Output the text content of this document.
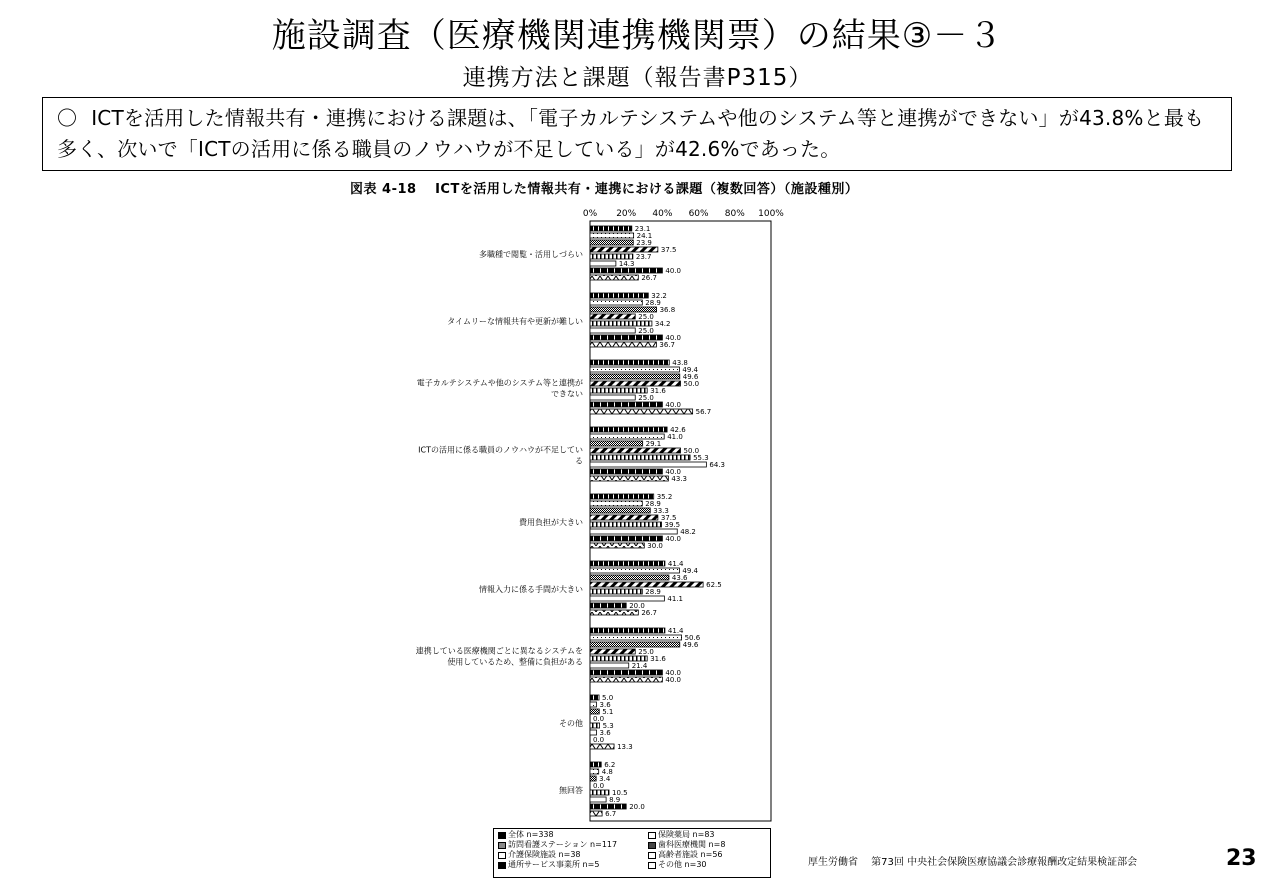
施設調査（医療機関連携機関票）の結果③－３
連携方法と課題（報告書P315）
〇 ICTを活用した情報共有・連携における課題は、「電子カルテシステムや他のシステム等と連携ができない」が43.8%と最も多く、次いで「ICTの活用に係る職員のノウハウが不足している」が42.6%であった。
図表 4-18　 ICTを活用した情報共有・連携における課題（複数回答）（施設種別）
0% 20% 40% 60% 80% 100%
23.1
24.1
23.9
37.5
23.7
14.3
40.0
26.7
32.2
28.9
36.8
25.0
34.2
25.0
40.0
36.7
43.8
49.4
49.6
50.0
31.6
25.0
40.0
56.7
42.6
41.0
29.1
50.0
55.3
64.3
40.0
43.3
35.2
28.9
33.3
37.5
39.5
48.2
40.0
30.0
41.4
49.4
43.6
62.5
28.9
41.1
20.0
26.7
41.4
50.6
49.6
25.0
31.6
21.4
40.0
40.0
5.0
3.6
5.1
0.0
5.3
3.6
0.0
13.3
6.2
4.8
3.4
0.0
10.5
8.9
20.0
6.7
多職種で閲覧・活用しづらい
タイムリーな情報共有や更新が難しい
電子カルテシステムや他のシステム等と連携が
できない
ICTの活用に係る職員のノウハウが不足してい
る
費用負担が大きい
情報入力に係る手間が大きい
連携している医療機関ごとに異なるシステムを
使用しているため、整備に負担がある
その他
無回答
全体 n=338	保険薬局 n=83
訪問看護ステーション n=117	歯科医療機関 n=8
介護保険施設 n=38	高齢者施設 n=56
通所サービス事業所 n=5	その他 n=30	厚生労働省　 第73回 中央社会保険医療協議会診療報酬改定結果検証部会	23
